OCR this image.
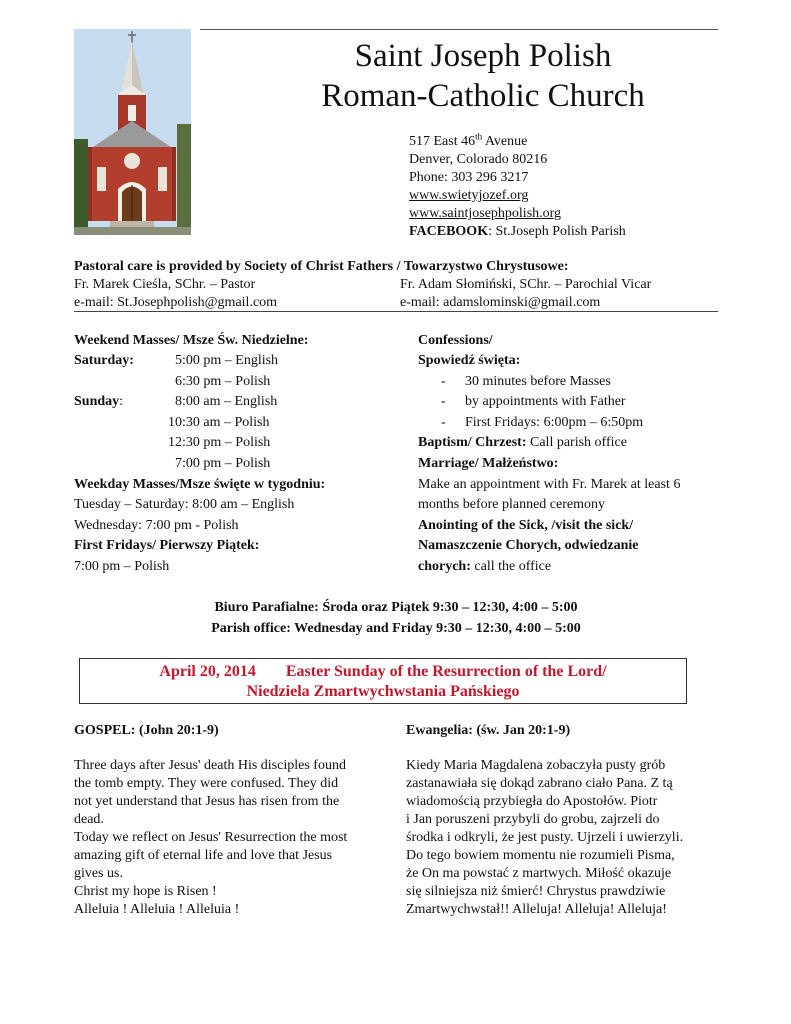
Saint Joseph Polish
Roman-Catholic Church
517 East 46th Avenue
Denver, Colorado 80216
Phone: 303 296 3217
www.swietyjozef.org
www.saintjosephpolish.org
FACEBOOK: St.Joseph Polish Parish
Pastoral care is provided by Society of Christ Fathers / Towarzystwo Chrystusowe:
Fr. Marek Cieśla, SChr. – Pastor
e-mail: St.Josephpolish@gmail.com
Fr. Adam Słomiński, SChr. – Parochial Vicar
e-mail: adamslominski@gmail.com
Weekend Masses/ Msze Św. Niedzielne:
Saturday:	5:00 pm – English
6:30 pm – Polish
Sunday:	8:00 am – English
10:30 am – Polish
12:30 pm – Polish
7:00 pm – Polish
Weekday Masses/Msze święte w tygodniu:
Tuesday – Saturday: 8:00 am – English
Wednesday: 7:00 pm - Polish
First Fridays/ Pierwszy Piątek:
7:00 pm – Polish
Confessions/
Spowiedź święta:
- 30 minutes before Masses
- by appointments with Father
- First Fridays: 6:00pm – 6:50pm
Baptism/ Chrzest: Call parish office
Marriage/ Małżeństwo:
Make an appointment with Fr. Marek at least 6
months before planned ceremony
Anointing of the Sick, /visit the sick/
Namaszczenie Chorych, odwiedzanie
chorych: call the office
Biuro Parafialne: Środa oraz Piątek 9:30 – 12:30, 4:00 – 5:00
Parish office: Wednesday and Friday 9:30 – 12:30, 4:00 – 5:00
April 20, 2014 Easter Sunday of the Resurrection of the Lord/
Niedziela Zmartwychwstania Pańskiego
GOSPEL: (John 20:1-9)	Ewangelia: (św. Jan 20:1-9)
Three days after Jesus' death His disciples found
the tomb empty. They were confused. They did
not yet understand that Jesus has risen from the
dead.
Today we reflect on Jesus' Resurrection the most
amazing gift of eternal life and love that Jesus
gives us.
Christ my hope is Risen !
Alleluia ! Alleluia ! Alleluia !
Kiedy Maria Magdalena zobaczyła pusty grób
zastanawiała się dokąd zabrano ciało Pana. Z tą
wiadomością przybiegła do Apostołów. Piotr
i Jan poruszeni przybyli do grobu, zajrzeli do
środka i odkryli, że jest pusty. Ujrzeli i uwierzyli.
Do tego bowiem momentu nie rozumieli Pisma,
że On ma powstać z martwych. Miłość okazuje
się silniejsza niż śmierć! Chrystus prawdziwie
Zmartwychwstał!! Alleluja! Alleluja! Alleluja!
